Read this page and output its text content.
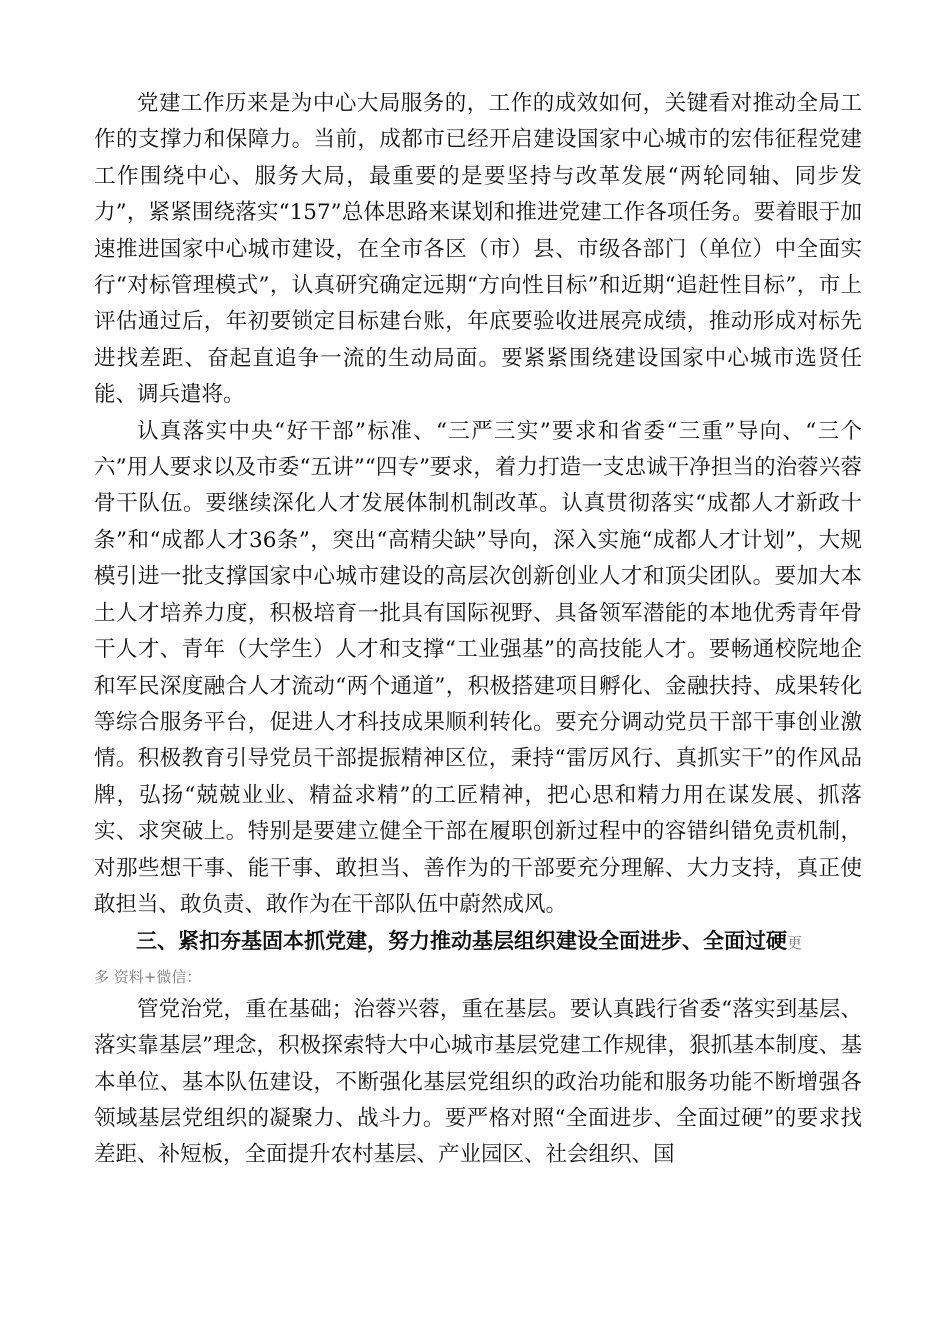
党建工作历来是为中心大局服务的，工作的成效如何，关键看对推动全局工作的支撑力和保障力。当前，成都市已经开启建设国家中心城市的宏伟征程党建工作围绕中心、服务大局，最重要的是要坚持与改革发展“两轮同轴、同步发力”，紧紧围绕落实“157”总体思路来谋划和推进党建工作各项任务。要着眼于加速推进国家中心城市建设，在全市各区（市）县、市级各部门（单位）中全面实行“对标管理模式”，认真研究确定远期“方向性目标”和近期“追赶性目标”，市上评估通过后，年初要锁定目标建台账，年底要验收进展亮成绩，推动形成对标先进找差距、奋起直追争一流的生动局面。要紧紧围绕建设国家中心城市选贤任能、调兵遣将。

认真落实中央“好干部”标准、“三严三实”要求和省委“三重”导向、“三个六”用人要求以及市委“五讲”“四专”要求，着力打造一支忠诚干净担当的治蓉兴蓉骨干队伍。要继续深化人才发展体制机制改革。认真贯彻落实“成都人才新政十条”和“成都人才36条”，突出“高精尖缺”导向，深入实施“成都人才计划”，大规模引进一批支撑国家中心城市建设的高层次创新创业人才和顶尖团队。要加大本土人才培养力度，积极培育一批具有国际视野、具备领军潜能的本地优秀青年骨干人才、青年（大学生）人才和支撑“工业强基”的高技能人才。要畅通校院地企和军民深度融合人才流动“两个通道”，积极搭建项目孵化、金融扶持、成果转化等综合服务平台，促进人才科技成果顺利转化。要充分调动党员干部干事创业激情。积极教育引导党员干部提振精神区位，秉持“雷厉风行、真抓实干”的作风品牌，弘扬“兢兢业业、精益求精”的工匠精神，把心思和精力用在谋发展、抓落实、求突破上。特别是要建立健全干部在履职创新过程中的容错纠错免责机制，对那些想干事、能干事、敢担当、善作为的干部要充分理解、大力支持，真正使敢担当、敢负责、敢作为在干部队伍中蔚然成风。

三、紧扣夯基固本抓党建，努力推动基层组织建设全面进步、全面过硬更

多 资料+微信：

管党治党，重在基础；治蓉兴蓉，重在基层。要认真践行省委“落实到基层、落实靠基层”理念，积极探索特大中心城市基层党建工作规律，狠抓基本制度、基本单位、基本队伍建设，不断强化基层党组织的政治功能和服务功能不断增强各领域基层党组织的凝聚力、战斗力。要严格对照“全面进步、全面过硬”的要求找差距、补短板，全面提升农村基层、产业园区、社会组织、国
